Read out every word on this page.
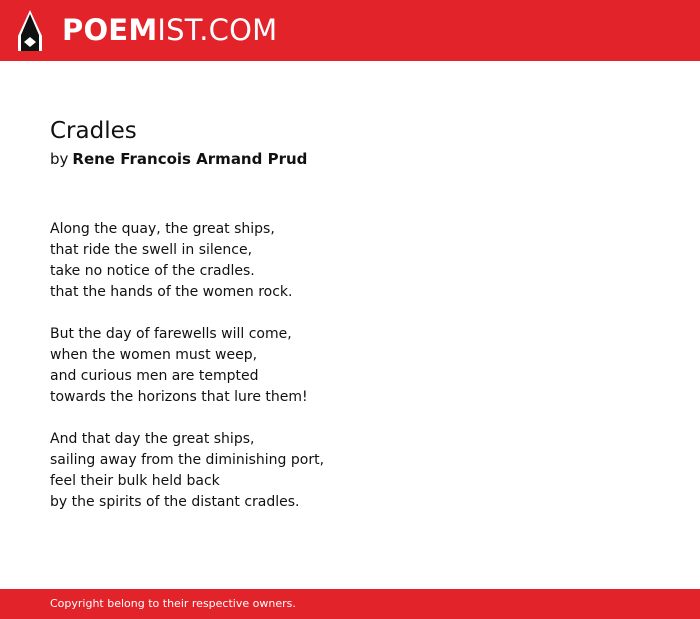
POEMIST.COM
Cradles
by Rene Francois Armand Prud
Along the quay, the great ships,
that ride the swell in silence,
take no notice of the cradles.
that the hands of the women rock.
But the day of farewells will come,
when the women must weep,
and curious men are tempted
towards the horizons that lure them!
And that day the great ships,
sailing away from the diminishing port,
feel their bulk held back
by the spirits of the distant cradles.
Copyright belong to their respective owners.
